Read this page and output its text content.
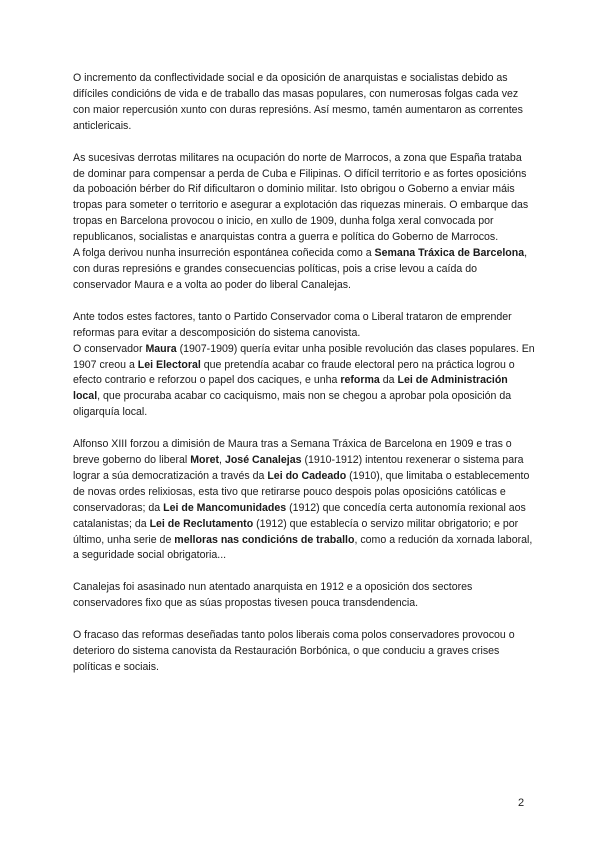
O incremento da conflectividade social e da oposición de anarquistas e socialistas debido as difíciles condicións de vida e de traballo das masas populares, con numerosas folgas cada vez con maior repercusión xunto con duras represións. Así mesmo, tamén aumentaron as correntes anticlericais.

As sucesivas derrotas militares na ocupación do norte de Marrocos, a zona que España trataba de dominar para compensar a perda de Cuba e Filipinas. O difícil territorio e as fortes oposicións da poboación bérber do Rif dificultaron o dominio militar. Isto obrigou o Goberno a enviar máis tropas para someter o territorio e asegurar a explotación das riquezas minerais. O embarque das tropas en Barcelona provocou o inicio, en xullo de 1909, dunha folga xeral convocada por republicanos, socialistas e anarquistas contra a guerra e política do Goberno de Marrocos.

A folga derivou nunha insurreción espontánea coñecida como a Semana Tráxica de Barcelona, con duras represións e grandes consecuencias políticas, pois a crise levou a caída do conservador Maura e a volta ao poder do liberal Canalejas.

Ante todos estes factores, tanto o Partido Conservador coma o Liberal trataron de emprender reformas para evitar a descomposición do sistema canovista.

O conservador Maura (1907-1909) quería evitar unha posible revolución das clases populares. En 1907 creou a Lei Electoral que pretendía acabar co fraude electoral pero na práctica logrou o efecto contrario e reforzou o papel dos caciques, e unha reforma da Lei de Administración local, que procuraba acabar co caciquismo, mais non se chegou a aprobar pola oposición da oligarquía local.

Alfonso XIII forzou a dimisión de Maura tras a Semana Tráxica de Barcelona en 1909 e tras o breve goberno do liberal Moret, José Canalejas (1910-1912) intentou rexenerar o sistema para lograr a súa democratización a través da Lei do Cadeado (1910), que limitaba o establecemento de novas ordes relixiosas, esta tivo que retirarse pouco despois polas oposicións católicas e conservadoras; da Lei de Mancomunidades (1912) que concedía certa autonomía rexional aos catalanistas; da Lei de Reclutamento (1912) que establecía o servizo militar obrigatorio; e por último, unha serie de melloras nas condicións de traballo, como a redución da xornada laboral, a seguridade social obrigatoria...

Canalejas foi asasinado nun atentado anarquista en 1912 e a oposición dos sectores conservadores fixo que as súas propostas tivesen pouca transdendencia.

O fracaso das reformas deseñadas tanto polos liberais coma polos conservadores provocou o deterioro do sistema canovista da Restauración Borbónica, o que conduciu a graves crises políticas e sociais.

2
